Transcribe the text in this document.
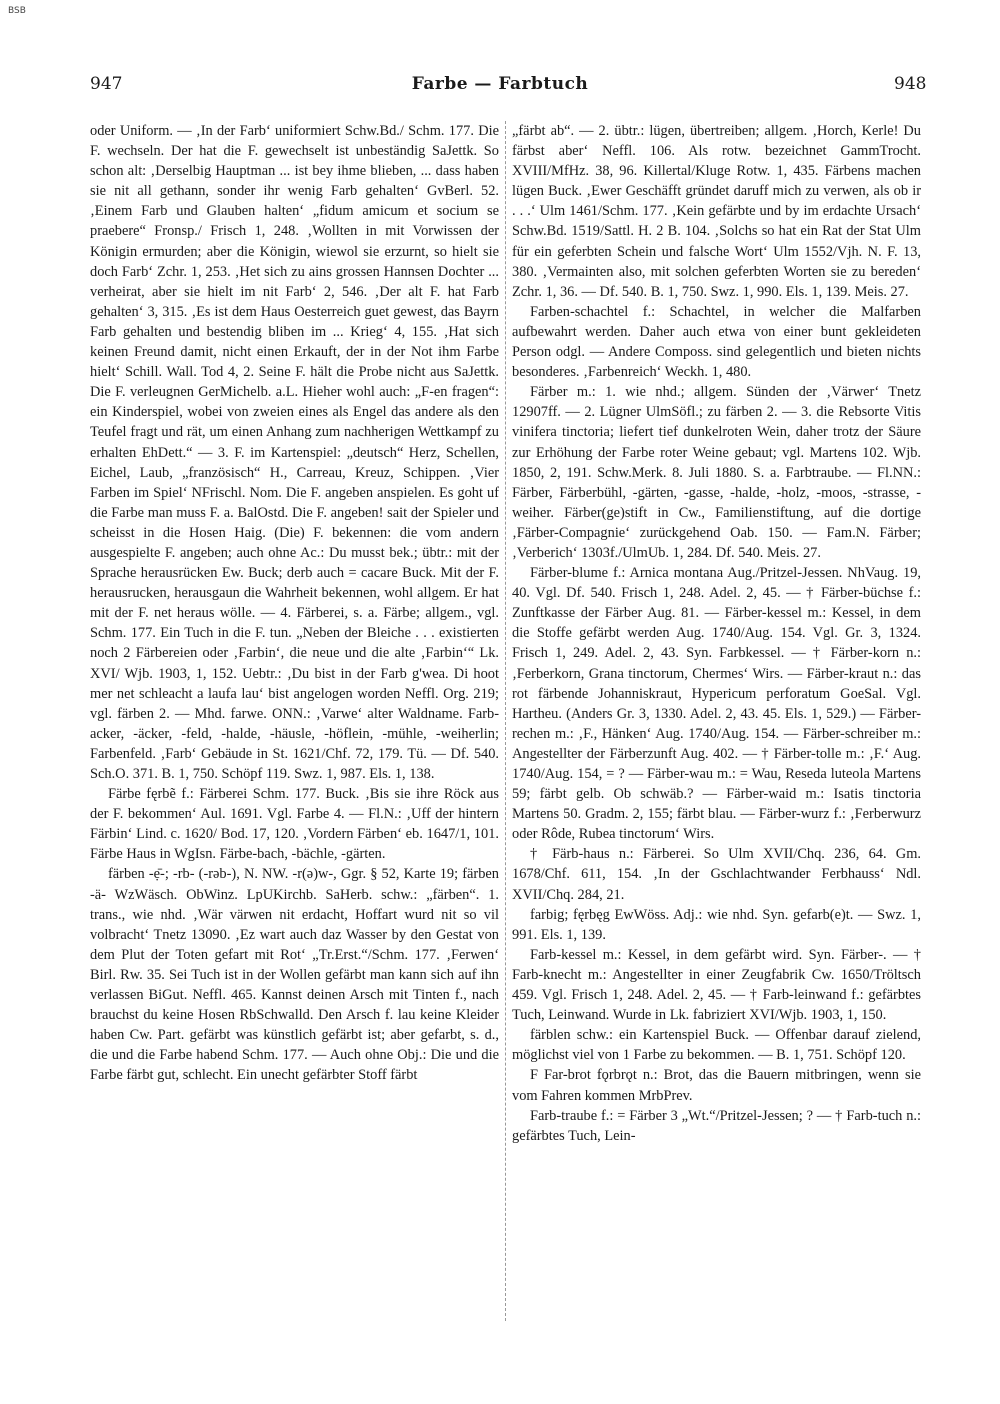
BSB
947	Farbe — Farbtuch	948

oder Uniform. — ‚In der Farb‘ uniformiert Schw.Bd./ Schm. 177. Die F. wechseln. Der hat die F. gewechselt ist unbeständig SaJettk. So schon alt: ‚Derselbig Hauptman ... ist bey ihme blieben, ... dass haben sie nit all gethann, sonder ihr wenig Farb gehalten‘ GvBerl. 52. ‚Einem Farb und Glauben halten‘ „fidum amicum et socium se praebere“ Fronsp./ Frisch 1, 248. ‚Wollten in mit Vorwissen der Königin ermurden; aber die Königin, wiewol sie erzurnt, so hielt sie doch Farb‘ Zchr. 1, 253. ‚Het sich zu ains grossen Hannsen Dochter ... verheirat, aber sie hielt im nit Farb‘ 2, 546. ‚Der alt F. hat Farb gehalten‘ 3, 315. ‚Es ist dem Haus Oesterreich guet gewest, das Bayrn Farb gehalten und bestendig bliben im ... Krieg‘ 4, 155. ‚Hat sich keinen Freund damit, nicht einen Erkauft, der in der Not ihm Farbe hielt‘ Schill. Wall. Tod 4, 2. Seine F. hält die Probe nicht aus SaJettk. Die F. verleugnen GerMichelb. a.L. Hieher wohl auch: „F-en fragen“: ein Kinderspiel, wobei von zweien eines als Engel das andere als den Teufel fragt und rät, um einen Anhang zum nachherigen Wettkampf zu erhalten EhDett.“ — 3. F. im Kartenspiel: „deutsch“ Herz, Schellen, Eichel, Laub, „französisch“ H., Carreau, Kreuz, Schippen. ‚Vier Farben im Spiel‘ NFrischl. Nom. Die F. angeben anspielen. Es goht uf die Farbe man muss F. a. BalOstd. Die F. angeben! sait der Spieler und scheisst in die Hosen Haig. (Die) F. bekennen: die vom andern ausgespielte F. angeben; auch ohne Ac.: Du musst bek.; übtr.: mit der Sprache herausrücken Ew. Buck; derb auch = cacare Buck. Mit der F. herausrucken, herausgaun die Wahrheit bekennen, wohl allgem. Er hat mit der F. net heraus wölle. — 4. Färberei, s. a. Färbe; allgem., vgl. Schm. 177. Ein Tuch in die F. tun. „Neben der Bleiche . . . existierten noch 2 Färbereien oder ‚Farbin‘, die neue und die alte ‚Farbin‘“ Lk. XVI/ Wjb. 1903, 1, 152. Uebtr.: ‚Du bist in der Farb g'wea. Di hoot mer net schleacht a laufa lau‘ bist angelogen worden Neffl. Org. 219; vgl. färben 2. — Mhd. farwe. ONN.: ‚Varwe‘ alter Waldname. Farb-acker, -äcker, -feld, -halde, -häusle, -höflein, -mühle, -weiherlin; Farbenfeld. ‚Farb‘ Gebäude in St. 1621/Chf. 72, 179. Tü. — Df. 540. Sch.O. 371. B. 1, 750. Schöpf 119. Swz. 1, 987. Els. 1, 138.

Färbe fęrbẽ f.: Färberei Schm. 177. Buck. ‚Bis sie ihre Röck aus der F. bekommen‘ Aul. 1691. Vgl. Farbe 4. — Fl.N.: ‚Uff der hintern Färbin‘ Lind. c. 1620/ Bod. 17, 120. ‚Vordern Färben‘ eb. 1647/1, 101. Färbe Haus in WgIsn. Färbe-bach, -bächle, -gärten.

färben -ẹ̄-; -rb- (-rəb-), N. NW. -r(ə)w-, Ggr. § 52, Karte 19; färben -ä- WzWäsch. ObWinz. LpUKirchb. SaHerb. schw.: „färben“. 1. trans., wie nhd. ‚Wär värwen nit erdacht, Hoffart wurd nit so vil volbracht‘ Tnetz 13090. ‚Ez wart auch daz Wasser by den Gestat von dem Plut der Toten gefart mit Rot‘ „Tr.Erst.“/Schm. 177. ‚Ferwen‘ Birl. Rw. 35. Sei Tuch ist in der Wollen gefärbt man kann sich auf ihn verlassen BiGut. Neffl. 465. Kannst deinen Arsch mit Tinten f., nach brauchst du keine Hosen RbSchwalld. Den Arsch f. lau keine Kleider haben Cw. Part. gefärbt was künstlich gefärbt ist; aber gefarbt, s. d., die und die Farbe habend Schm. 177. — Auch ohne Obj.: Die und die Farbe färbt gut, schlecht. Ein unecht gefärbter Stoff färbt

„färbt ab“. — 2. übtr.: lügen, übertreiben; allgem. ‚Horch, Kerle! Du färbst aber‘ Neffl. 106. Als rotw. bezeichnet GammTrocht. XVIII/MfHz. 38, 96. Killertal/Kluge Rotw. 1, 435. Färbens machen lügen Buck. ‚Ewer Geschäfft gründet daruff mich zu verwen, als ob ir . . .‘ Ulm 1461/Schm. 177. ‚Kein gefärbte und by im erdachte Ursach‘ Schw.Bd. 1519/Sattl. H. 2 B. 104. ‚Solchs so hat ein Rat der Stat Ulm für ein geferbten Schein und falsche Wort‘ Ulm 1552/Vjh. N. F. 13, 380. ‚Vermainten also, mit solchen geferbten Worten sie zu bereden‘ Zchr. 1, 36. — Df. 540. B. 1, 750. Swz. 1, 990. Els. 1, 139. Meis. 27.

Farben-schachtel f.: Schachtel, in welcher die Malfarben aufbewahrt werden. Daher auch etwa von einer bunt gekleideten Person odgl. — Andere Composs. sind gelegentlich und bieten nichts besonderes. ‚Farbenreich‘ Weckh. 1, 480.

Färber m.: 1. wie nhd.; allgem. Sünden der ‚Värwer‘ Tnetz 12907ff. — 2. Lügner UlmSöfl.; zu färben 2. — 3. die Rebsorte Vitis vinifera tinctoria; liefert tief dunkelroten Wein, daher trotz der Säure zur Erhöhung der Farbe roter Weine gebaut; vgl. Martens 102. Wjb. 1850, 2, 191. Schw.Merk. 8. Juli 1880. S. a. Farbtraube. — Fl.NN.: Färber, Färberbühl, -gärten, -gasse, -halde, -holz, -moos, -strasse, -weiher. Färber(ge)stift in Cw., Familienstiftung, auf die dortige ‚Färber-Compagnie‘ zurückgehend Oab. 150. — Fam.N. Färber; ‚Verberich‘ 1303f./UlmUb. 1, 284. Df. 540. Meis. 27.

Färber-blume f.: Arnica montana Aug./Pritzel-Jessen. NhVaug. 19, 40. Vgl. Df. 540. Frisch 1, 248. Adel. 2, 45. — † Färber-büchse f.: Zunftkasse der Färber Aug. 81. — Färber-kessel m.: Kessel, in dem die Stoffe gefärbt werden Aug. 1740/Aug. 154. Vgl. Gr. 3, 1324. Frisch 1, 249. Adel. 2, 43. Syn. Farbkessel. — † Färber-korn n.: ‚Ferberkorn, Grana tinctorum, Chermes‘ Wirs. — Färber-kraut n.: das rot färbende Johanniskraut, Hypericum perforatum GoeSal. Vgl. Hartheu. (Anders Gr. 3, 1330. Adel. 2, 43. 45. Els. 1, 529.) — Färber-rechen m.: ‚F., Hänken‘ Aug. 1740/Aug. 154. — Färber-schreiber m.: Angestellter der Färberzunft Aug. 402. — † Färber-tolle m.: ‚F.‘ Aug. 1740/Aug. 154, = ? — Färber-wau m.: = Wau, Reseda luteola Martens 59; färbt gelb. Ob schwäb.? — Färber-waid m.: Isatis tinctoria Martens 50. Gradm. 2, 155; färbt blau. — Färber-wurz f.: ‚Ferberwurz oder Rôde, Rubea tinctorum‘ Wirs.

† Färb-haus n.: Färberei. So Ulm XVII/Chq. 236, 64. Gm. 1678/Chf. 611, 154. ‚In der Gschlachtwander Ferbhauss‘ Ndl. XVII/Chq. 284, 21.

farbig; fęrbęg EwWöss. Adj.: wie nhd. Syn. gefarb(e)t. — Swz. 1, 991. Els. 1, 139.

Farb-kessel m.: Kessel, in dem gefärbt wird. Syn. Färber-. — † Farb-knecht m.: Angestellter in einer Zeugfabrik Cw. 1650/Tröltsch 459. Vgl. Frisch 1, 248. Adel. 2, 45. — † Farb-leinwand f.: gefärbtes Tuch, Leinwand. Wurde in Lk. fabriziert XVI/Wjb. 1903, 1, 150.

färblen schw.: ein Kartenspiel Buck. — Offenbar darauf zielend, möglichst viel von 1 Farbe zu bekommen. — B. 1, 751. Schöpf 120.

F Far-brot fǫrbrǫt n.: Brot, das die Bauern mitbringen, wenn sie vom Fahren kommen MrbPrev.

Farb-traube f.: = Färber 3 „Wt.“/Pritzel-Jessen; ? — † Farb-tuch n.: gefärbtes Tuch, Lein-
